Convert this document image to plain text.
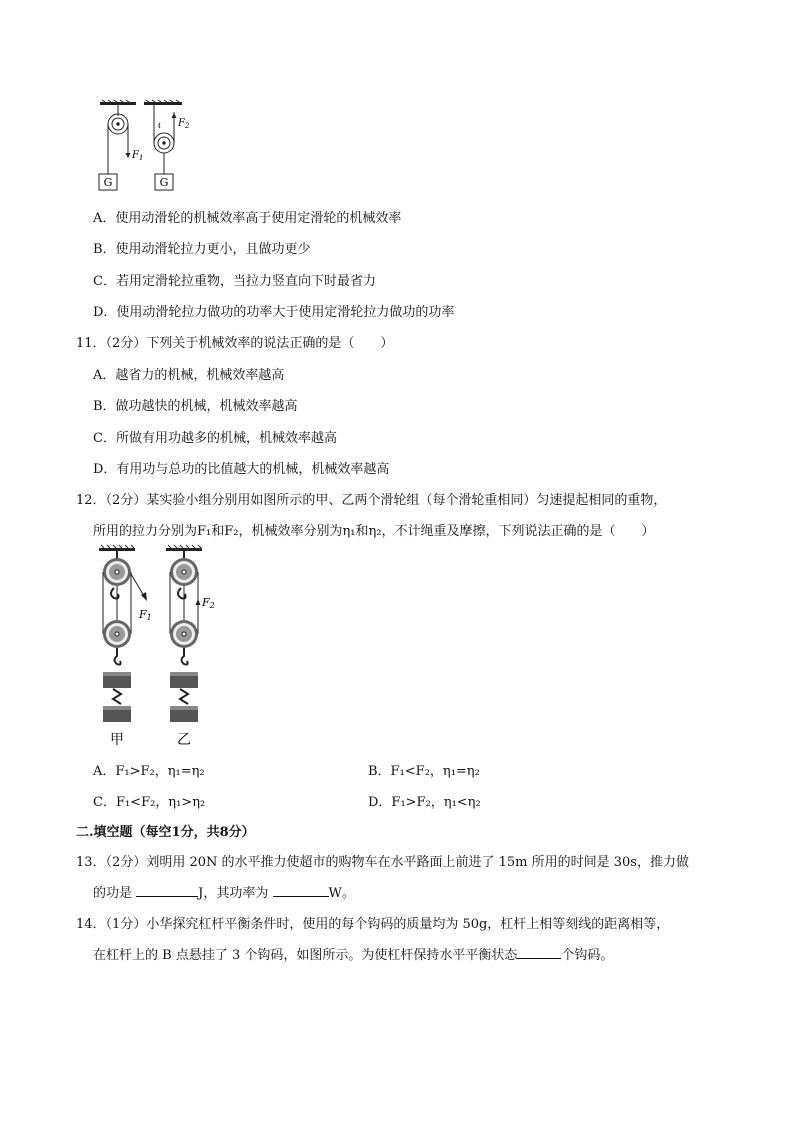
$F_1$
G
$F_2$
G
A．使用动滑轮的机械效率高于使用定滑轮的机械效率
B．使用动滑轮拉力更小，且做功更少
C．若用定滑轮拉重物，当拉力竖直向下时最省力
D．使用动滑轮拉力做功的功率大于使用定滑轮拉力做功的功率
11．（2分）下列关于机械效率的说法正确的是（　　）
A．越省力的机械，机械效率越高
B．做功越快的机械，机械效率越高
C．所做有用功越多的机械，机械效率越高
D．有用功与总功的比值越大的机械，机械效率越高
12．（2分）某实验小组分别用如图所示的甲、乙两个滑轮组（每个滑轮重相同）匀速提起相同的重物，
所用的拉力分别为F₁和F₂，机械效率分别为η₁和η₂，不计绳重及摩擦，下列说法正确的是（　　）
F1
F2
甲	乙
A．F₁>F₂，η₁=η₂	B．F₁<F₂，η₁=η₂
C．F₁<F₂，η₁>η₂	D．F₁>F₂，η₁<η₂
二.填空题（每空1分，共8分）
13．（2分）刘明用 20N 的水平推力使超市的购物车在水平路面上前进了 15m 所用的时间是 30s，推力做
的功是	J，其功率为	W。
14．（1分）小华探究杠杆平衡条件时，使用的每个钩码的质量均为 50g，杠杆上相等刻线的距离相等，
在杠杆上的 B 点悬挂了 3 个钩码，如图所示。为使杠杆保持水平平衡状态	个钩码。
